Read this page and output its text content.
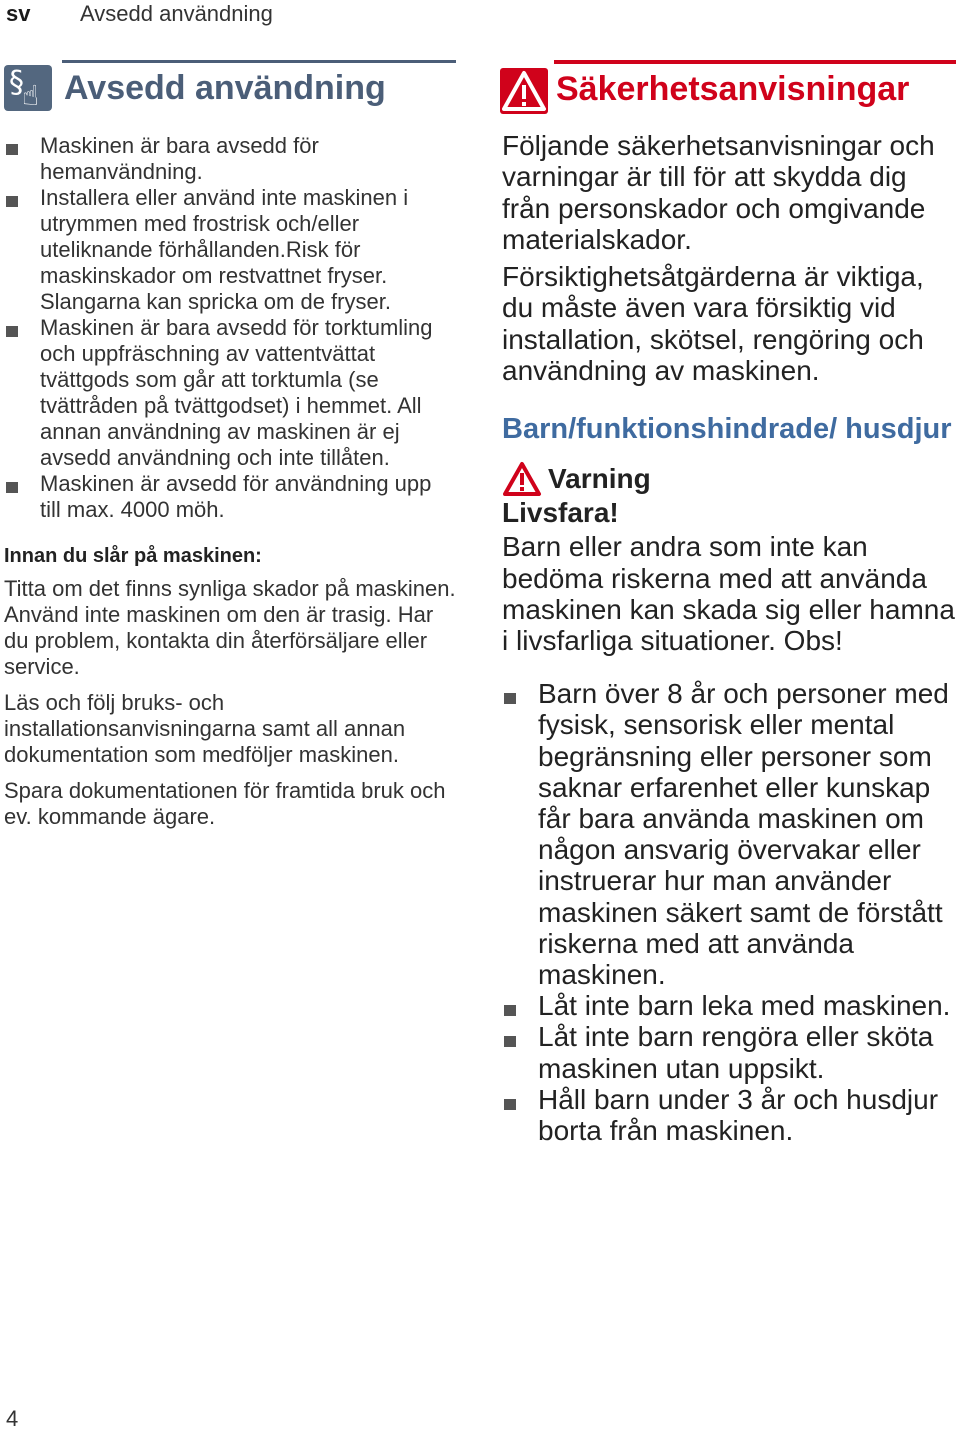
sv	Avsedd användning
§
☝ Avsedd användning
Maskinen är bara avsedd för hemanvändning.
Installera eller använd inte maskinen i utrymmen med frostrisk och/eller uteliknande förhållanden.Risk för maskinskador om restvattnet fryser. Slangarna kan spricka om de fryser.
Maskinen är bara avsedd för torktumling och uppfräschning av vattentvättat tvättgods som går att torktumla (se tvättråden på tvättgodset) i hemmet. All annan användning av maskinen är ej avsedd användning och inte tillåten.
Maskinen är avsedd för användning upp till max. 4000 möh.
Innan du slår på maskinen:

Titta om det finns synliga skador på maskinen. Använd inte maskinen om den är trasig. Har du problem, kontakta din återförsäljare eller service.

Läs och följ bruks- och installationsanvisningarna samt all annan dokumentation som medföljer maskinen.

Spara dokumentationen för framtida bruk och ev. kommande ägare.

Säkerhetsanvisningar

Följande säkerhetsanvisningar och varningar är till för att skydda dig från personskador och omgivande materialskador.

Försiktighetsåtgärderna är viktiga, du måste även vara försiktig vid installation, skötsel, rengöring och användning av maskinen.

Barn/funktionshindrade/ husdjur
Varning
Livsfara!

Barn eller andra som inte kan bedöma riskerna med att använda maskinen kan skada sig eller hamna i livsfarliga situationer. Obs!

Barn över 8 år och personer med fysisk, sensorisk eller mental begränsning eller personer som saknar erfarenhet eller kunskap får bara använda maskinen om någon ansvarig övervakar eller instruerar hur man använder maskinen säkert samt de förstått riskerna med att använda maskinen.
Låt inte barn leka med maskinen.
Låt inte barn rengöra eller sköta maskinen utan uppsikt.
Håll barn under 3 år och husdjur borta från maskinen.
4
